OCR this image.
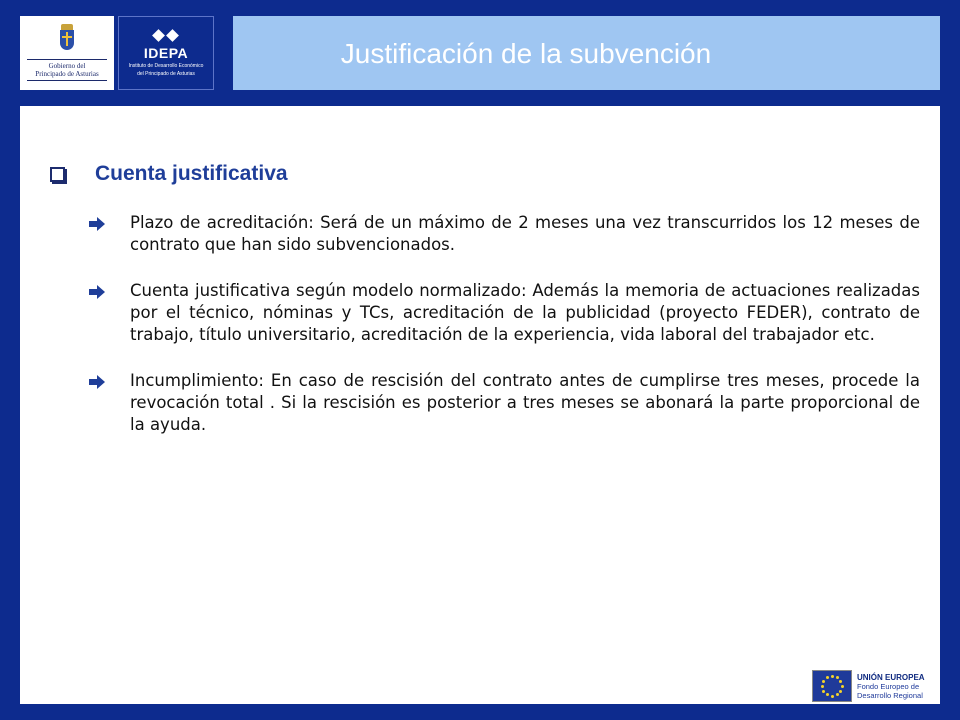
Gobierno del
Principado de Asturias
IDEPA
Instituto de Desarrollo Económico
del Principado de Asturias
Justificación de la subvención
Cuenta justificativa
Plazo de acreditación: Será de un máximo de 2 meses una vez transcurridos los 12 meses de contrato que han sido subvencionados.
Cuenta justificativa según modelo normalizado: Además la memoria de actuaciones realizadas por el técnico, nóminas y TCs, acreditación de la publicidad (proyecto FEDER), contrato de trabajo, título universitario, acreditación de la experiencia, vida laboral del trabajador etc.
Incumplimiento: En caso de rescisión del contrato antes de cumplirse tres meses, procede la revocación total . Si la rescisión es posterior a tres meses se abonará la parte proporcional de la ayuda.
UNIÓN EUROPEA
Fondo Europeo de
Desarrollo Regional
